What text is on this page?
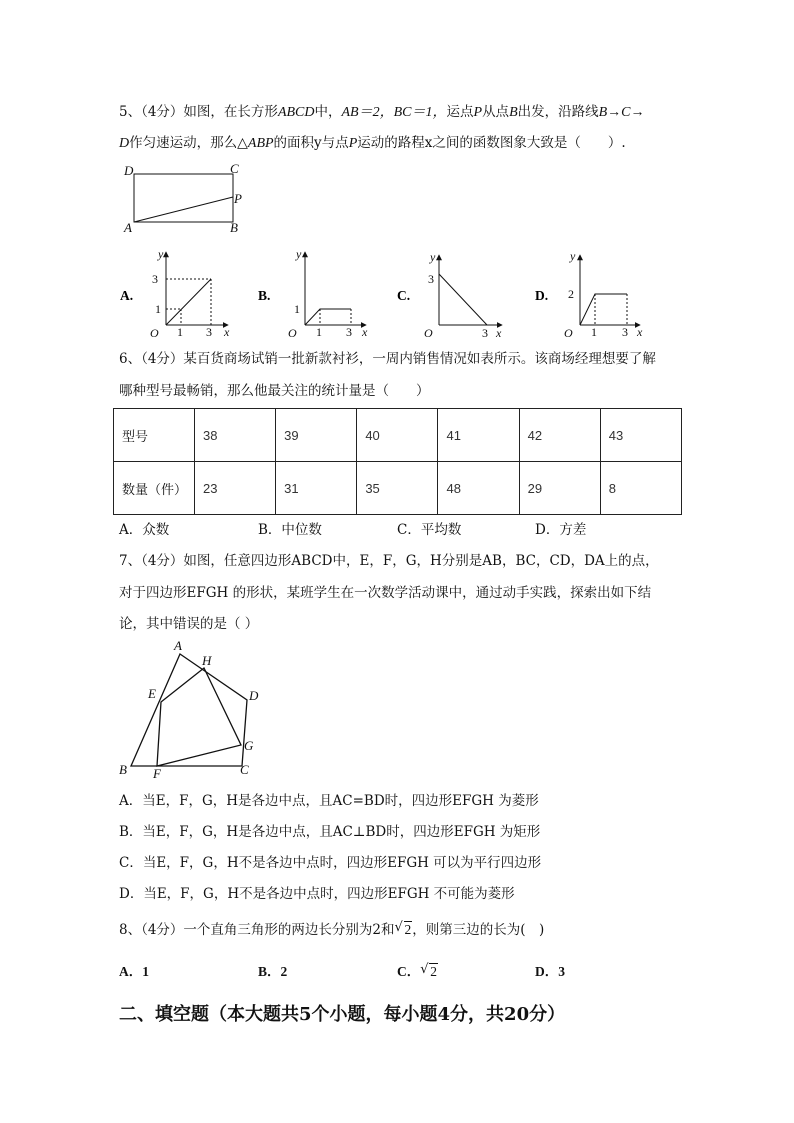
5、（4分）如图，在长方形ABCD中，AB＝2，BC＝1，运点P从点B出发，沿路线B→C→
D作匀速运动，那么△ABP的面积y与点P运动的路程x之间的函数图象大致是（　　）.
D	C
P
A	B
A.
3
1
O 1 3 x
y
B.
1
O 1 3 x
y
C.
3
O	3 x
y
D. 2
O 1 3 x
y
6、（4分）某百货商场试销一批新款衬衫，一周内销售情况如表所示。该商场经理想要了解
哪种型号最畅销，那么他最关注的统计量是（　　）
型号	38	39	40	41	42	43
数量（件）	23	31	35	48	29	8
A．众数	B．中位数	C．平均数	D．方差
7、（4分）如图，任意四边形ABCD中，E，F，G，H分别是AB，BC，CD，DA上的点，
对于四边形EFGH 的形状，某班学生在一次数学活动课中，通过动手实践，探索出如下结
论，其中错误的是（ ）
A
H
E	D
G
B F	C
A．当E，F，G，H是各边中点，且AC=BD时，四边形EFGH 为菱形
B．当E，F，G，H是各边中点，且AC⊥BD时，四边形EFGH 为矩形
C．当E，F，G，H不是各边中点时，四边形EFGH 可以为平行四边形
D．当E，F，G，H不是各边中点时，四边形EFGH 不可能为菱形
8、（4分）一个直角三角形的两边长分别为2和 √ 2，则第三边的长为(　)
A．1	B．2	C． √ 2	D．3
二、填空题（本大题共5个小题，每小题4分，共20分）
